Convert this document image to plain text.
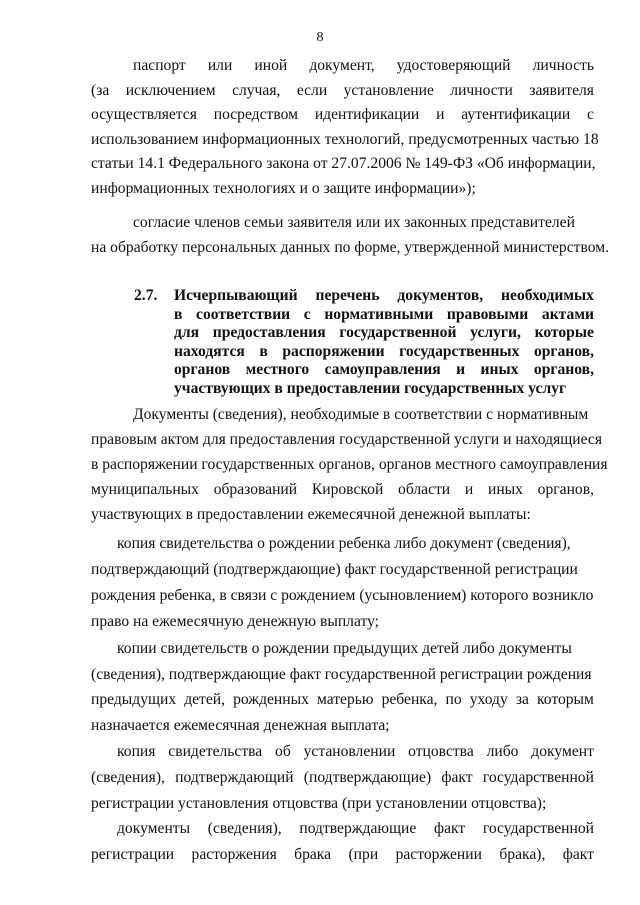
8
паспорт или иной документ, удостоверяющий личность
(за исключением случая, если установление личности заявителя
осуществляется посредством идентификации и аутентификации с
использованием информационных технологий, предусмотренных частью 18
статьи 14.1 Федерального закона от 27.07.2006 № 149-ФЗ «Об информации,
информационных технологиях и о защите информации»);
согласие членов семьи заявителя или их законных представителей
на обработку персональных данных по форме, утвержденной министерством.
Исчерпывающий перечень документов, необходимых
в соответствии с нормативными правовыми актами
для предоставления государственной услуги, которые
находятся в распоряжении государственных органов,
органов местного самоуправления и иных органов,
участвующих в предоставлении государственных услуг
Документы (сведения), необходимые в соответствии с нормативным
правовым актом для предоставления государственной услуги и находящиеся
в распоряжении государственных органов, органов местного самоуправления
муниципальных образований Кировской области и иных органов,
участвующих в предоставлении ежемесячной денежной выплаты:
копия свидетельства о рождении ребенка либо документ (сведения),
подтверждающий (подтверждающие) факт государственной регистрации
рождения ребенка, в связи с рождением (усыновлением) которого возникло
право на ежемесячную денежную выплату;
копии свидетельств о рождении предыдущих детей либо документы
(сведения), подтверждающие факт государственной регистрации рождения
предыдущих детей, рожденных матерью ребенка, по уходу за которым
назначается ежемесячная денежная выплата;
копия свидетельства об установлении отцовства либо документ
(сведения), подтверждающий (подтверждающие) факт государственной
регистрации установления отцовства (при установлении отцовства);
документы (сведения), подтверждающие факт государственной
регистрации расторжения брака (при расторжении брака), факт
2.7.
